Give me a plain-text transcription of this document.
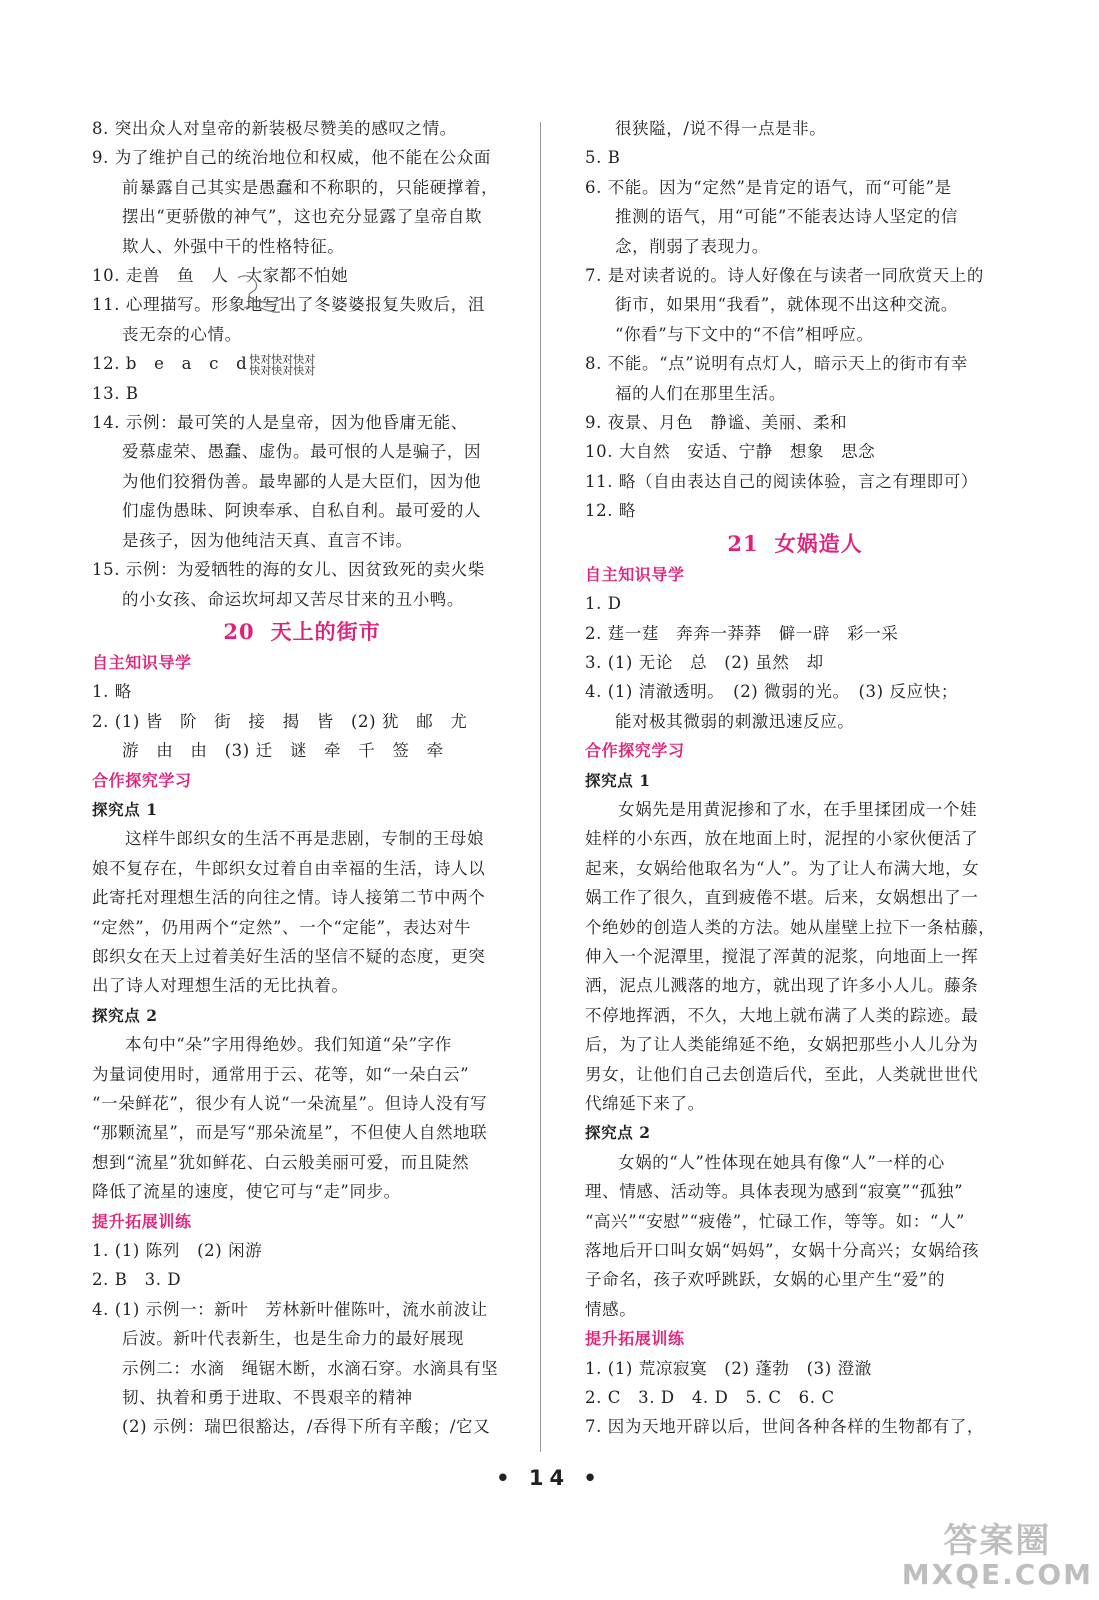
8. 突出众人对皇帝的新装极尽赞美的感叹之情。
9. 为了维护自己的统治地位和权威，他不能在公众面
前暴露自己其实是愚蠢和不称职的，只能硬撑着，
摆出“更骄傲的神气”，这也充分显露了皇帝自欺
欺人、外强中干的性格特征。
10. 走兽　鱼　人　大家都不怕她
11. 心理描写。形象地写出了冬婆婆报复失败后，沮
丧无奈的心情。
12. b　e　a　c　d 快对快对快对
快对快对快对
13. B
14. 示例：最可笑的人是皇帝，因为他昏庸无能、
爱慕虚荣、愚蠢、虚伪。最可恨的人是骗子，因
为他们狡猾伪善。最卑鄙的人是大臣们，因为他
们虚伪愚昧、阿谀奉承、自私自利。最可爱的人
是孩子，因为他纯洁天真、直言不讳。
15. 示例：为爱牺牲的海的女儿、因贫致死的卖火柴
的小女孩、命运坎坷却又苦尽甘来的丑小鸭。
20 天上的街市
自主知识导学
1. 略
2. (1) 皆　阶　街　接　揭　皆　(2) 犹　邮　尤
游　由　由　(3) 迁　谜　牵　千　签　牵
合作探究学习
探究点 1
这样牛郎织女的生活不再是悲剧，专制的王母娘
娘不复存在，牛郎织女过着自由幸福的生活，诗人以
此寄托对理想生活的向往之情。诗人接第二节中两个
“定然”，仍用两个“定然”、一个“定能”，表达对牛
郎织女在天上过着美好生活的坚信不疑的态度，更突
出了诗人对理想生活的无比执着。
探究点 2
本句中“朵”字用得绝妙。我们知道“朵”字作
为量词使用时，通常用于云、花等，如“一朵白云”
“一朵鲜花”，很少有人说“一朵流星”。但诗人没有写
“那颗流星”，而是写“那朵流星”，不但使人自然地联
想到“流星”犹如鲜花、白云般美丽可爱，而且陡然
降低了流星的速度，使它可与“走”同步。
提升拓展训练
1. (1) 陈列　(2) 闲游
2. B　3. D
4. (1) 示例一：新叶　芳林新叶催陈叶，流水前波让
后波。新叶代表新生，也是生命力的最好展现
示例二：水滴　绳锯木断，水滴石穿。水滴具有坚
韧、执着和勇于进取、不畏艰辛的精神
(2) 示例：瑞巴很豁达，/吞得下所有辛酸；/它又
很狭隘，/说不得一点是非。
5. B
6. 不能。因为“定然”是肯定的语气，而“可能”是
推测的语气，用“可能”不能表达诗人坚定的信
念，削弱了表现力。
7. 是对读者说的。诗人好像在与读者一同欣赏天上的
街市，如果用“我看”，就体现不出这种交流。
“你看”与下文中的“不信”相呼应。
8. 不能。“点”说明有点灯人，暗示天上的街市有幸
福的人们在那里生活。
9. 夜景、月色　静谧、美丽、柔和
10. 大自然　安适、宁静　想象　思念
11. 略（自由表达自己的阅读体验，言之有理即可）
12. 略
21 女娲造人
自主知识导学
1. D
2. 莛一莛　奔奔一莽莽　僻一辟　彩一采
3. (1) 无论　总　(2) 虽然　却
4. (1) 清澈透明。　(2) 微弱的光。　(3) 反应快；
能对极其微弱的刺激迅速反应。
合作探究学习
探究点 1
女娲先是用黄泥掺和了水，在手里揉团成一个娃
娃样的小东西，放在地面上时，泥捏的小家伙便活了
起来，女娲给他取名为“人”。为了让人布满大地，女
娲工作了很久，直到疲倦不堪。后来，女娲想出了一
个绝妙的创造人类的方法。她从崖壁上拉下一条枯藤，
伸入一个泥潭里，搅混了浑黄的泥浆，向地面上一挥
洒，泥点儿溅落的地方，就出现了许多小人儿。藤条
不停地挥洒，不久，大地上就布满了人类的踪迹。最
后，为了让人类能绵延不绝，女娲把那些小人儿分为
男女，让他们自己去创造后代，至此，人类就世世代
代绵延下来了。
探究点 2
女娲的“人”性体现在她具有像“人”一样的心
理、情感、活动等。具体表现为感到“寂寞”“孤独”
“高兴”“安慰”“疲倦”，忙碌工作，等等。如：“人”
落地后开口叫女娲“妈妈”，女娲十分高兴；女娲给孩
子命名，孩子欢呼跳跃，女娲的心里产生“爱”的
情感。
提升拓展训练
1. (1) 荒凉寂寞　(2) 蓬勃　(3) 澄澈
2. C　3. D　4. D　5. C　6. C
7. 因为天地开辟以后，世间各种各样的生物都有了，
• 14 •
答案圈
MXQE.COM
